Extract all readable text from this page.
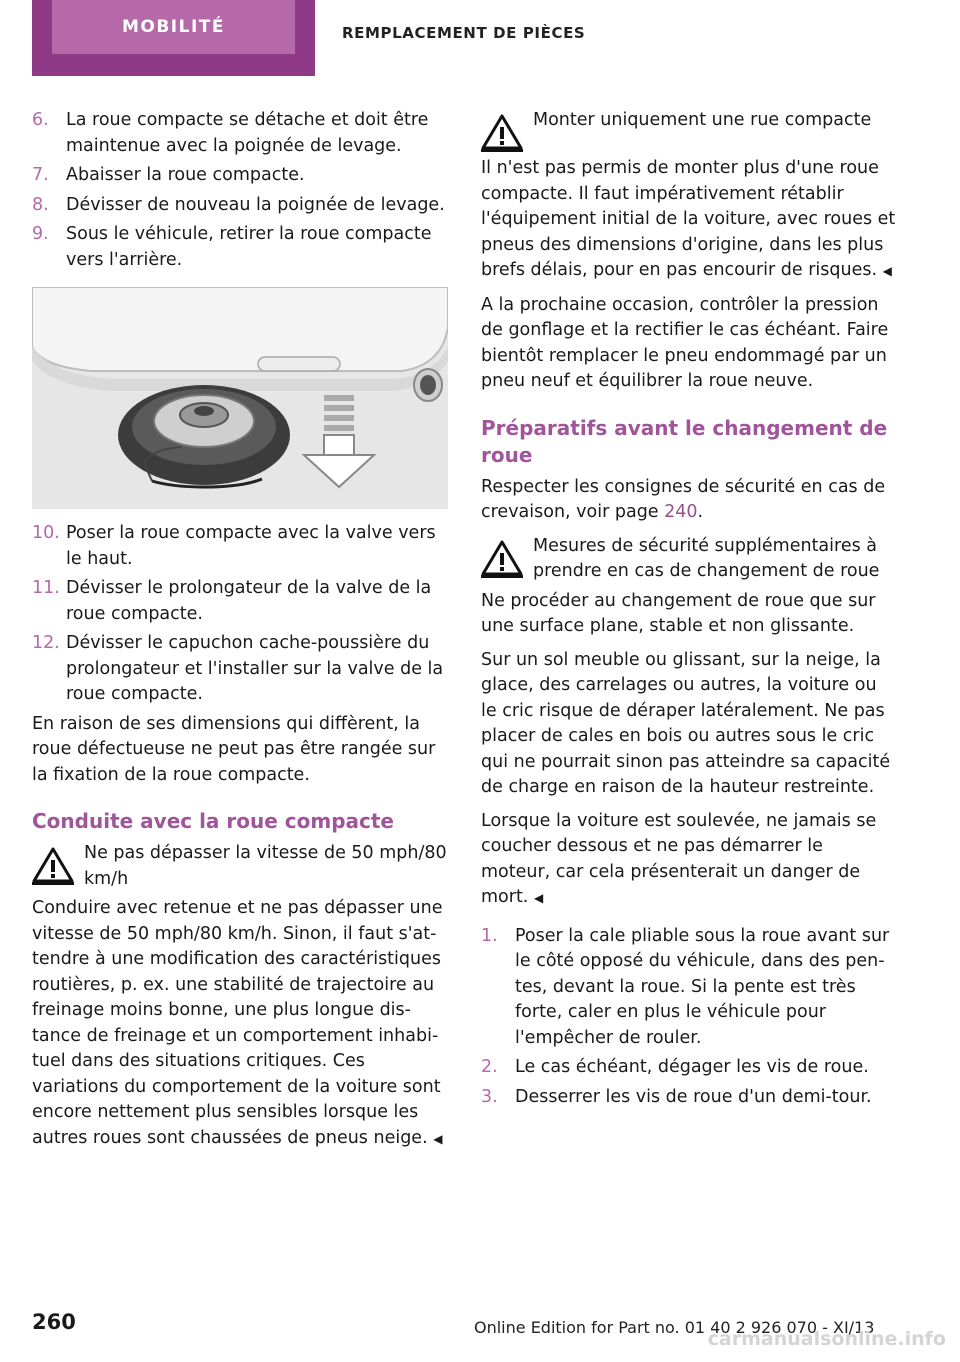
MOBILITÉ	REMPLACEMENT DE PIÈCES
6. La roue compacte se détache et doit être maintenue avec la poignée de levage.
7. Abaisser la roue compacte.
8. Dévisser de nouveau la poignée de levage.
9. Sous le véhicule, retirer la roue compacte vers l'arrière.
10. Poser la roue compacte avec la valve vers le haut.
11. Dévisser le prolongateur de la valve de la roue compacte.
12. Dévisser le capuchon cache-poussière du prolongateur et l'installer sur la valve de la roue compacte.

En raison de ses dimensions qui diffèrent, la roue défectueuse ne peut pas être rangée sur la fixation de la roue compacte.

Conduite avec la roue compacte
Ne pas dépasser la vitesse de 50 mph/80 km/h

Conduire avec retenue et ne pas dépasser une vitesse de 50 mph/80 km/h. Sinon, il faut s'attendre à une modification des caractéristiques routières, p. ex. une stabilité de trajectoire au freinage moins bonne, une plus longue distance de freinage et un comportement inhabituel dans des situations critiques. Ces variations du comportement de la voiture sont encore nettement plus sensibles lorsque les autres roues sont chaussées de pneus neige. ◀

Monter uniquement une rue compacte

Il n'est pas permis de monter plus d'une roue compacte. Il faut impérativement rétablir l'équipement initial de la voiture, avec roues et pneus des dimensions d'origine, dans les plus brefs délais, pour en pas encourir de risques. ◀

A la prochaine occasion, contrôler la pression de gonflage et la rectifier le cas échéant. Faire bientôt remplacer le pneu endommagé par un pneu neuf et équilibrer la roue neuve.

Préparatifs avant le changement de roue

Respecter les consignes de sécurité en cas de crevaison, voir page 240.

Mesures de sécurité supplémentaires à prendre en cas de changement de roue

Ne procéder au changement de roue que sur une surface plane, stable et non glissante.

Sur un sol meuble ou glissant, sur la neige, la glace, des carrelages ou autres, la voiture ou le cric risque de déraper latéralement. Ne pas placer de cales en bois ou autres sous le cric qui ne pourrait sinon pas atteindre sa capacité de charge en raison de la hauteur restreinte.

Lorsque la voiture est soulevée, ne jamais se coucher dessous et ne pas démarrer le moteur, car cela présenterait un danger de mort. ◀

1. Poser la cale pliable sous la roue avant sur le côté opposé du véhicule, dans des pentes, devant la roue. Si la pente est très forte, caler en plus le véhicule pour l'empêcher de rouler.
2. Le cas échéant, dégager les vis de roue.
3. Desserrer les vis de roue d'un demi-tour.
260	Online Edition for Part no. 01 40 2 926 070 - XI/13
carmanualsonline.info
